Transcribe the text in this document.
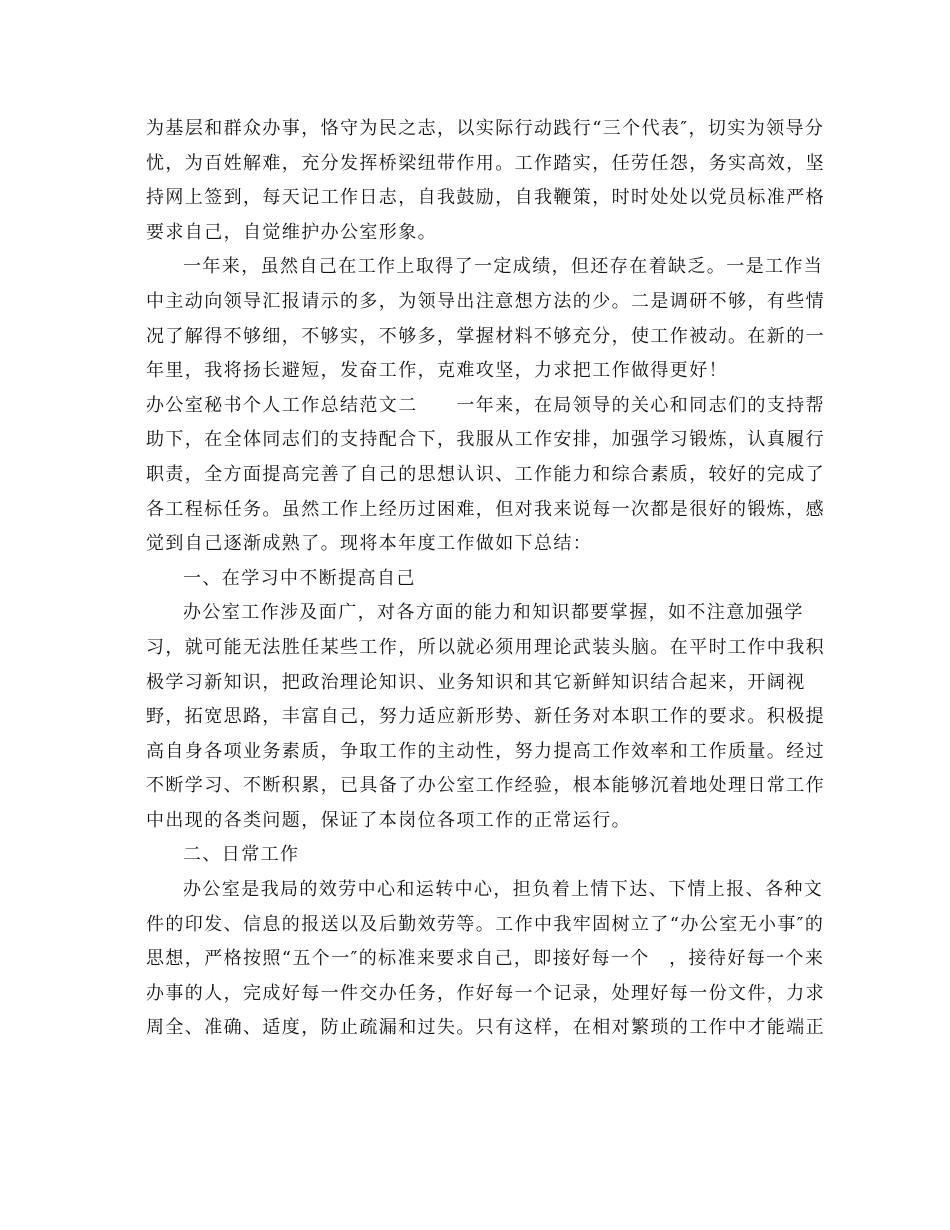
为基层和群众办事，恪守为民之志，以实际行动践行“三个代表″，切实为领导分
忧，为百姓解难，充分发挥桥梁纽带作用。工作踏实，任劳任怨，务实高效，坚
持网上签到，每天记工作日志，自我鼓励，自我鞭策，时时处处以党员标准严格
要求自己，自觉维护办公室形象。
一年来，虽然自己在工作上取得了一定成绩，但还存在着缺乏。一是工作当
中主动向领导汇报请示的多，为领导出注意想方法的少。二是调研不够，有些情
况了解得不够细，不够实，不够多，掌握材料不够充分，使工作被动。在新的一
年里，我将扬长避短，发奋工作，克难攻坚，力求把工作做得更好！
办公室秘书个人工作总结范文二　　一年来，在局领导的关心和同志们的支持帮
助下，在全体同志们的支持配合下，我服从工作安排，加强学习锻炼，认真履行
职责，全方面提高完善了自己的思想认识、工作能力和综合素质，较好的完成了
各工程标任务。虽然工作上经历过困难，但对我来说每一次都是很好的锻炼，感
觉到自己逐渐成熟了。现将本年度工作做如下总结：
一、在学习中不断提高自己
办公室工作涉及面广，对各方面的能力和知识都要掌握，如不注意加强学
习，就可能无法胜任某些工作，所以就必须用理论武装头脑。在平时工作中我积
极学习新知识，把政治理论知识、业务知识和其它新鲜知识结合起来，开阔视
野，拓宽思路，丰富自己，努力适应新形势、新任务对本职工作的要求。积极提
高自身各项业务素质，争取工作的主动性，努力提高工作效率和工作质量。经过
不断学习、不断积累，已具备了办公室工作经验，根本能够沉着地处理日常工作
中出现的各类问题，保证了本岗位各项工作的正常运行。
二、日常工作
办公室是我局的效劳中心和运转中心，担负着上情下达、下情上报、各种文
件的印发、信息的报送以及后勤效劳等。工作中我牢固树立了“办公室无小事″的
思想，严格按照“五个一″的标准来要求自己，即接好每一个　，接待好每一个来
办事的人，完成好每一件交办任务，作好每一个记录，处理好每一份文件，力求
周全、准确、适度，防止疏漏和过失。只有这样，在相对繁琐的工作中才能端正
